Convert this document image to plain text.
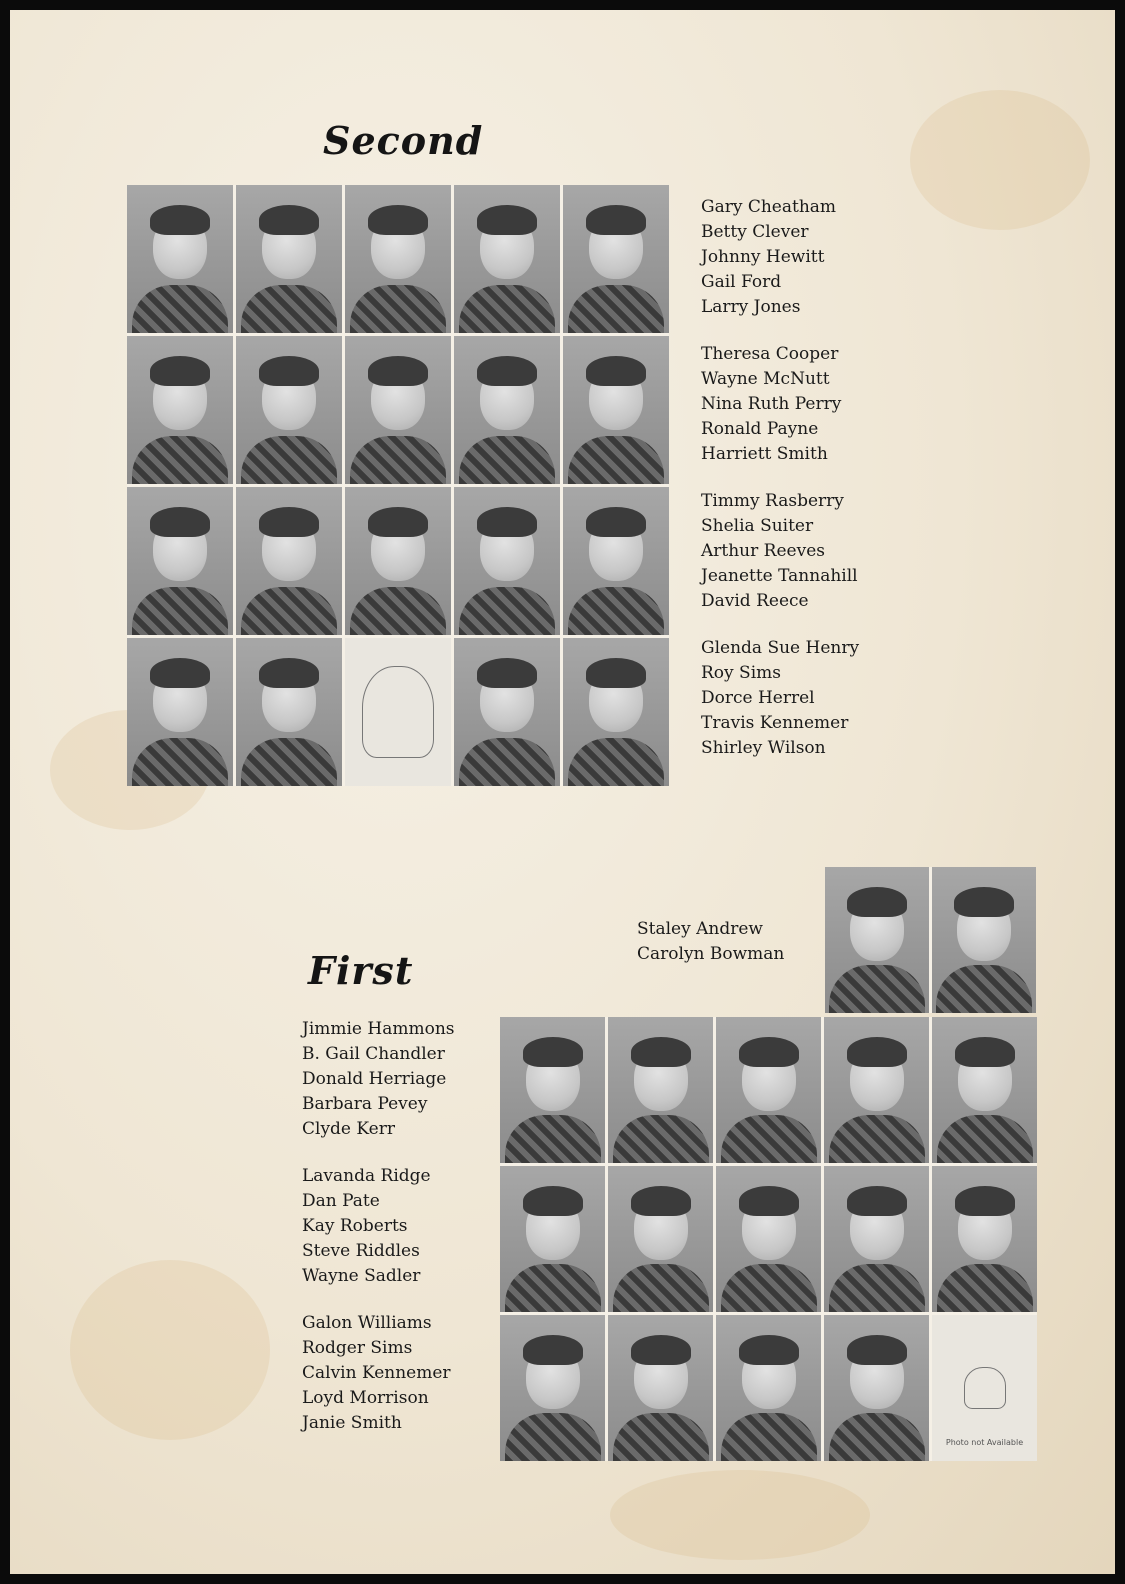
Second
Gary Cheatham
Betty Clever
Johnny Hewitt
Gail Ford
Larry Jones
Theresa Cooper
Wayne McNutt
Nina Ruth Perry
Ronald Payne
Harriett Smith
Timmy Rasberry
Shelia Suiter
Arthur Reeves
Jeanette Tannahill
David Reece
Glenda Sue Henry
Roy Sims
Dorce Herrel
Travis Kennemer
Shirley Wilson
First
Staley Andrew
Carolyn Bowman
Photo not Available
Jimmie Hammons
B. Gail Chandler
Donald Herriage
Barbara Pevey
Clyde Kerr
Lavanda Ridge
Dan Pate
Kay Roberts
Steve Riddles
Wayne Sadler
Galon Williams
Rodger Sims
Calvin Kennemer
Loyd Morrison
Janie Smith
